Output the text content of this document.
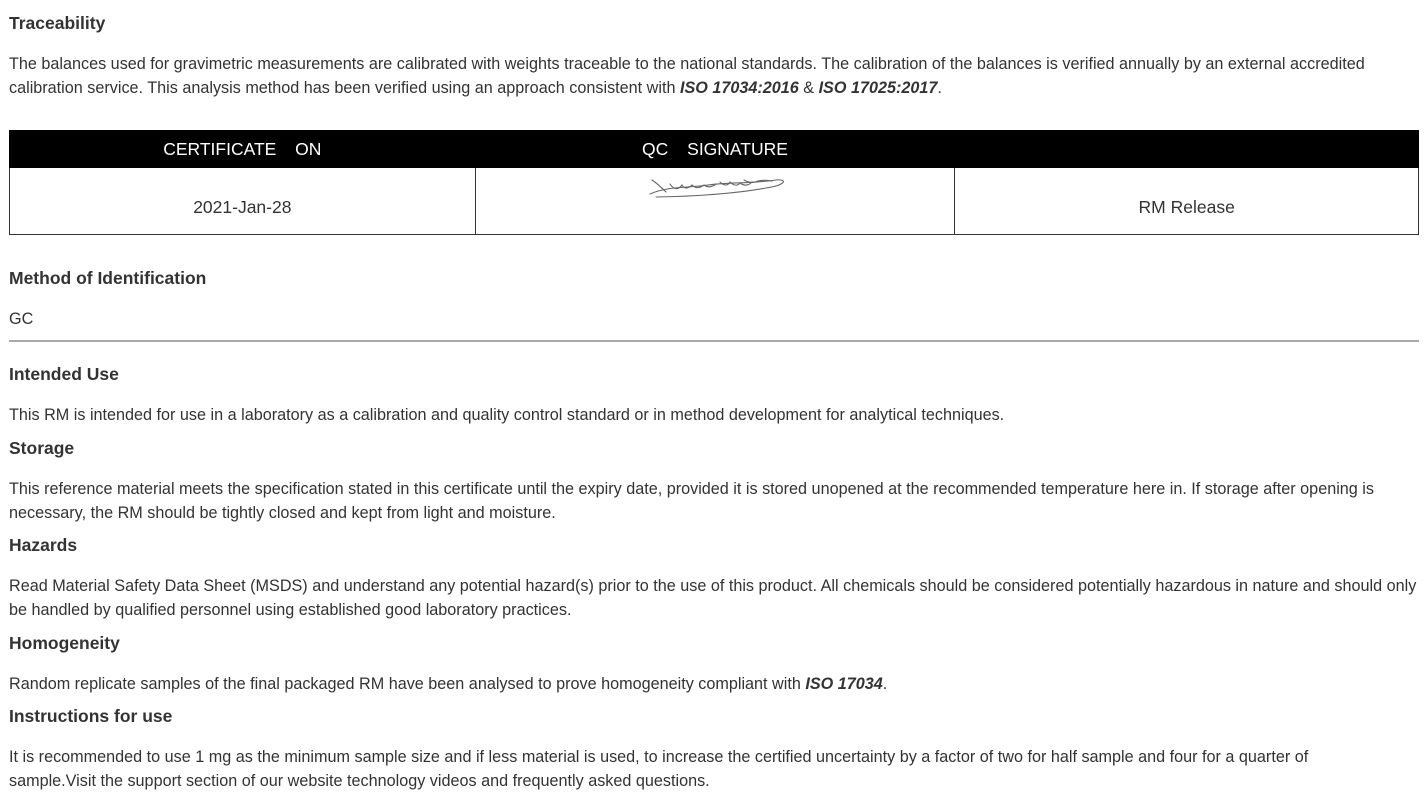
Traceability

The balances used for gravimetric measurements are calibrated with weights traceable to the national standards. The calibration of the balances is verified annually by an external accredited calibration service. This analysis method has been verified using an approach consistent with ISO 17034:2016 & ISO 17025:2017.

CERTIFICATE ON	QC SIGNATURE	
2021-Jan-28		RM Release
Method of Identification

GC

Intended Use

This RM is intended for use in a laboratory as a calibration and quality control standard or in method development for analytical techniques.

Storage

This reference material meets the specification stated in this certificate until the expiry date, provided it is stored unopened at the recommended temperature here in. If storage after opening is necessary, the RM should be tightly closed and kept from light and moisture.

Hazards

Read Material Safety Data Sheet (MSDS) and understand any potential hazard(s) prior to the use of this product. All chemicals should be considered potentially hazardous in nature and should only be handled by qualified personnel using established good laboratory practices.

Homogeneity

Random replicate samples of the final packaged RM have been analysed to prove homogeneity compliant with ISO 17034.

Instructions for use

It is recommended to use 1 mg as the minimum sample size and if less material is used, to increase the certified uncertainty by a factor of two for half sample and four for a quarter of sample.Visit the support section of our website technology videos and frequently asked questions.
